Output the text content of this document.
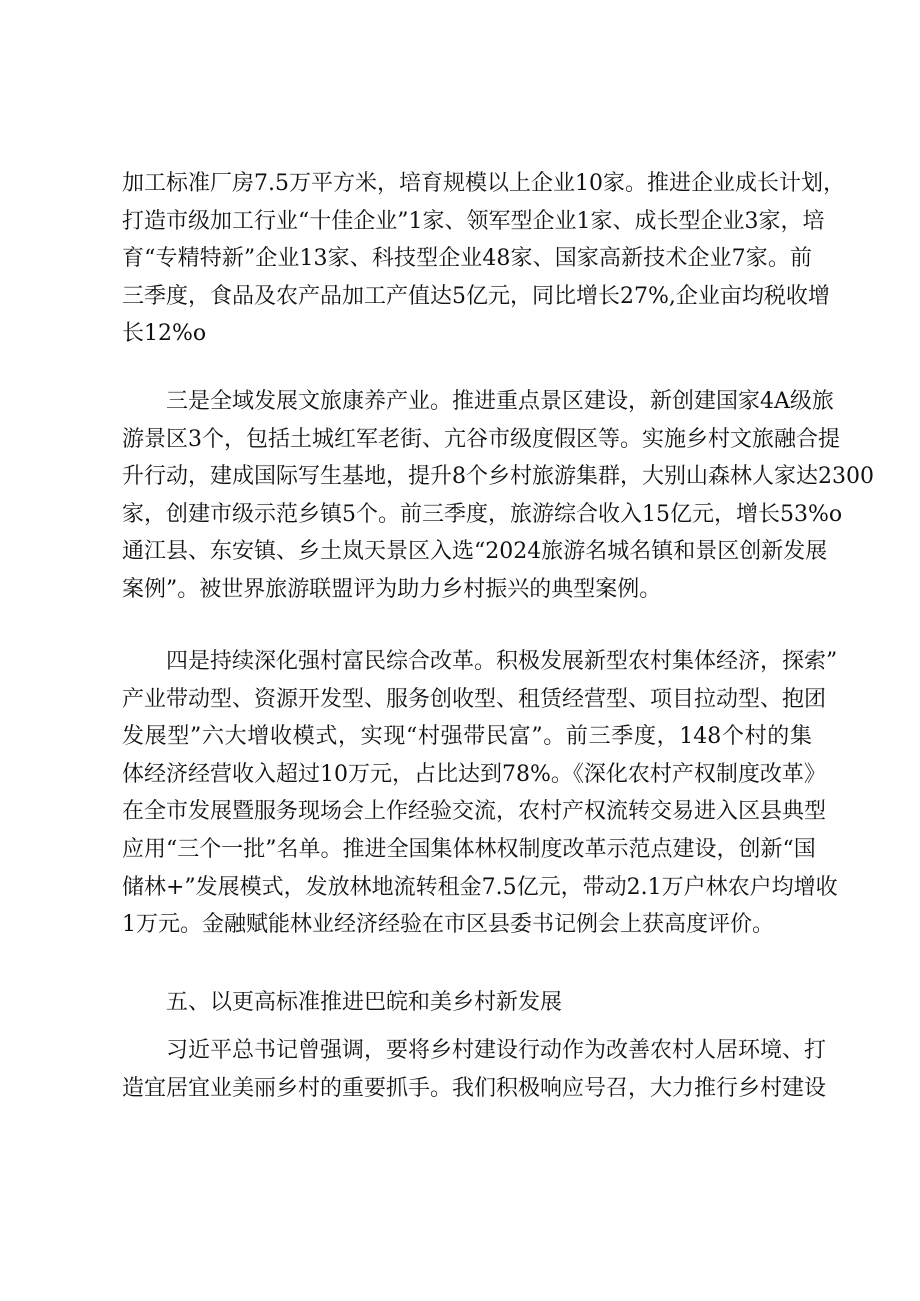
加工标准厂房7.5万平方米，培育规模以上企业10家。推进企业成长计划，
打造市级加工行业“十佳企业”1家、领军型企业1家、成长型企业3家，培
育“专精特新”企业13家、科技型企业48家、国家高新技术企业7家。前
三季度，食品及农产品加工产值达5亿元，同比增长27%,企业亩均税收增
长12%o
三是全域发展文旅康养产业。推进重点景区建设，新创建国家4A级旅
游景区3个，包括土城红军老街、亢谷市级度假区等。实施乡村文旅融合提
升行动，建成国际写生基地，提升8个乡村旅游集群，大别山森林人家达2300
家，创建市级示范乡镇5个。前三季度，旅游综合收入15亿元，增长53%o
通江县、东安镇、乡土岚天景区入选“2024旅游名城名镇和景区创新发展
案例”。被世界旅游联盟评为助力乡村振兴的典型案例。
四是持续深化强村富民综合改革。积极发展新型农村集体经济，探索”
产业带动型、资源开发型、服务创收型、租赁经营型、项目拉动型、抱团
发展型”六大增收模式，实现“村强带民富”。前三季度，148个村的集
体经济经营收入超过10万元，占比达到78%。《深化农村产权制度改革》
在全市发展暨服务现场会上作经验交流，农村产权流转交易进入区县典型
应用“三个一批”名单。推进全国集体林权制度改革示范点建设，创新“国
储林+”发展模式，发放林地流转租金7.5亿元，带动2.1万户林农户均增收
1万元。金融赋能林业经济经验在市区县委书记例会上获高度评价。
五、以更高标准推进巴皖和美乡村新发展
习近平总书记曾强调，要将乡村建设行动作为改善农村人居环境、打
造宜居宜业美丽乡村的重要抓手。我们积极响应号召，大力推行乡村建设
